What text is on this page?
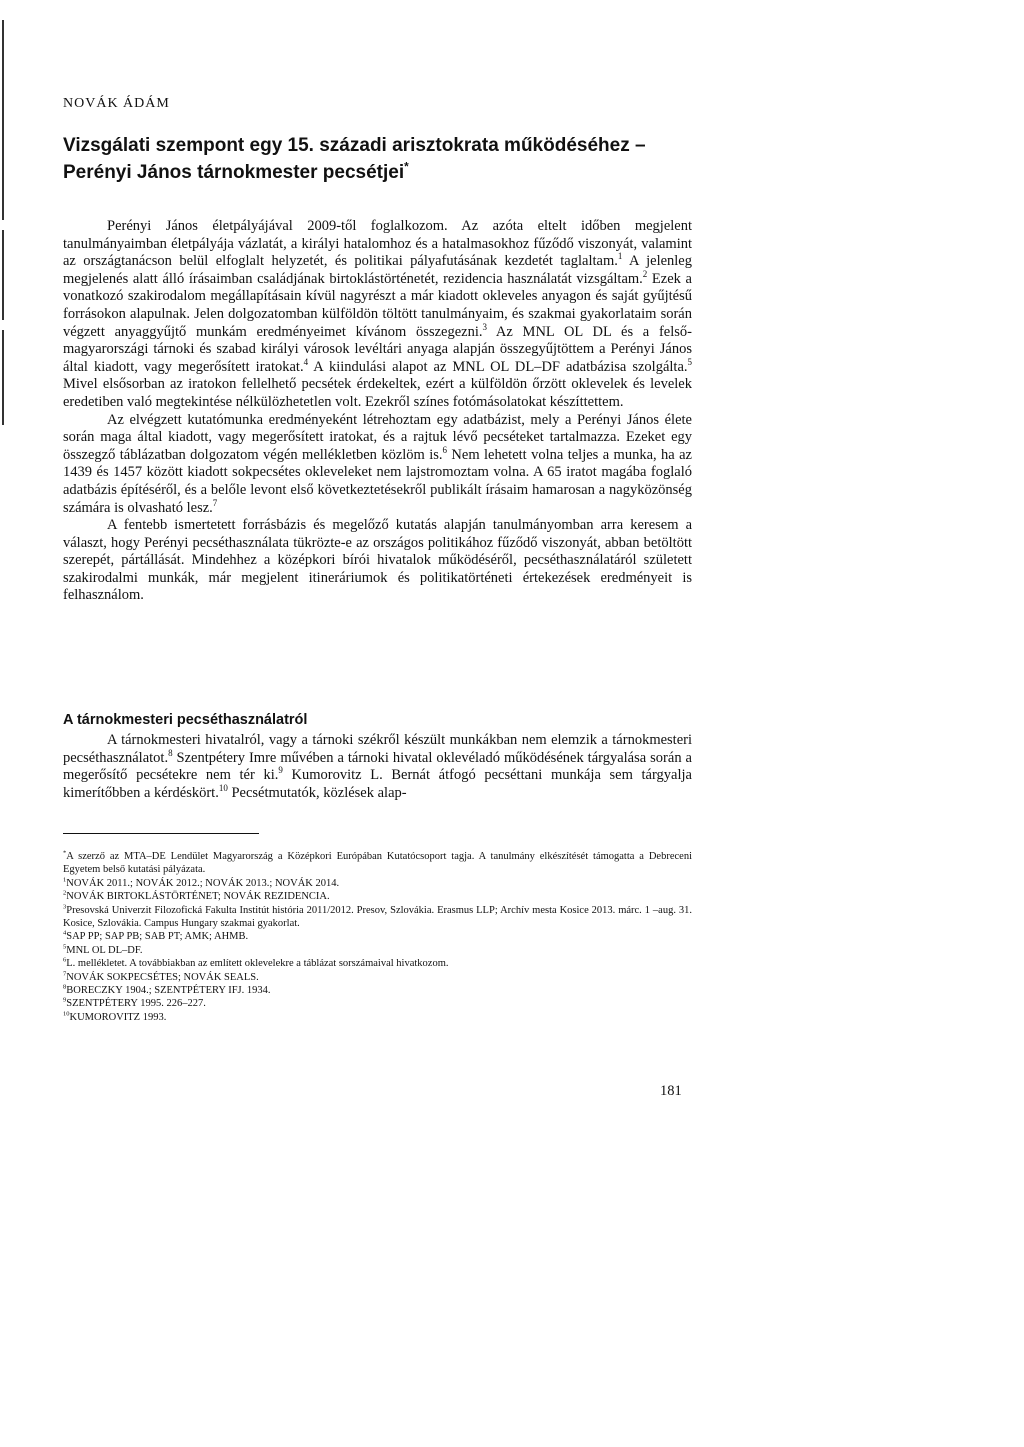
NOVÁK ÁDÁM
Vizsgálati szempont egy 15. századi arisztokrata működéséhez – Perényi János tárnokmester pecsétjei*

Perényi János életpályájával 2009-től foglalkozom. Az azóta eltelt időben megjelent tanulmányaimban életpályája vázlatát, a királyi hatalomhoz és a hatalmasokhoz fűződő viszonyát, valamint az országtanácson belül elfoglalt helyzetét, és politikai pályafutásának kezdetét taglaltam.$^1$ A jelenleg megjelenés alatt álló írásaimban családjának birtoklástörténetét, rezidencia használatát vizsgáltam.$^2$ Ezek a vonatkozó szakirodalom megállapításain kívül nagyrészt a már kiadott okleveles anyagon és saját gyűjtésű forrásokon alapulnak. Jelen dolgozatomban külföldön töltött tanulmányaim, és szakmai gyakorlataim során végzett anyaggyűjtő munkám eredményeimet kívánom összegezni.$^3$ Az MNL OL DL és a felső-magyarországi tárnoki és szabad királyi városok levéltári anyaga alapján összegyűjtöttem a Perényi János által kiadott, vagy megerősített iratokat.$^4$ A kiindulási alapot az MNL OL DL–DF adatbázisa szolgálta.$^5$ Mivel elsősorban az iratokon fellelhető pecsétek érdekeltek, ezért a külföldön őrzött oklevelek és levelek eredetiben való megtekintése nélkülözhetetlen volt. Ezekről színes fotómásolatokat készíttettem.

Az elvégzett kutatómunka eredményeként létrehoztam egy adatbázist, mely a Perényi János élete során maga által kiadott, vagy megerősített iratokat, és a rajtuk lévő pecséteket tartalmazza. Ezeket egy összegző táblázatban dolgozatom végén mellékletben közlöm is.$^6$ Nem lehetett volna teljes a munka, ha az 1439 és 1457 között kiadott sokpecsétes okleveleket nem lajstromoztam volna. A 65 iratot magába foglaló adatbázis építéséről, és a belőle levont első következtetésekről publikált írásaim hamarosan a nagyközönség számára is olvasható lesz.$^7$

A fentebb ismertetett forrásbázis és megelőző kutatás alapján tanulmányomban arra keresem a választ, hogy Perényi pecséthasználata tükrözte-e az országos politikához fűződő viszonyát, abban betöltött szerepét, pártállását. Mindehhez a középkori bírói hivatalok működéséről, pecséthasználatáról született szakirodalmi munkák, már megjelent itineráriumok és politikatörténeti értekezések eredményeit is felhasználom.

A tárnokmesteri pecséthasználatról

A tárnokmesteri hivatalról, vagy a tárnoki székről készült munkákban nem elemzik a tárnokmesteri pecséthasználatot.$^8$ Szentpétery Imre művében a tárnoki hivatal oklevéladó működésének tárgyalása során a megerősítő pecsétekre nem tér ki.$^9$ Kumorovitz L. Bernát átfogó pecséttani munkája sem tárgyalja kimerítőbben a kérdéskört.$^{10}$ Pecsétmutatók, közlések alap-

*A szerző az MTA–DE Lendület Magyarország a Középkori Európában Kutatócsoport tagja. A tanulmány elkészítését támogatta a Debreceni Egyetem belső kutatási pályázata.

$^1$NOVÁK 2011.; NOVÁK 2012.; NOVÁK 2013.; NOVÁK 2014.

$^2$NOVÁK BIRTOKLÁSTÖRTÉNET; NOVÁK REZIDENCIA.

$^3$Presovská Univerzit Filozofická Fakulta Institút história 2011/2012. Presov, Szlovákia. Erasmus LLP; Archív mesta Kosice 2013. márc. 1 –aug. 31. Kosice, Szlovákia. Campus Hungary szakmai gyakorlat.

$^4$SAP PP; SAP PB; SAB PT; AMK; AHMB.

$^5$MNL OL DL–DF.

$^6$L. mellékletet. A továbbiakban az említett oklevelekre a táblázat sorszámaival hivatkozom.

$^7$NOVÁK SOKPECSÉTES; NOVÁK SEALS.

$^8$BORECZKY 1904.; SZENTPÉTERY IFJ. 1934.

$^9$SZENTPÉTERY 1995. 226–227.

$^{10}$KUMOROVITZ 1993.

181
